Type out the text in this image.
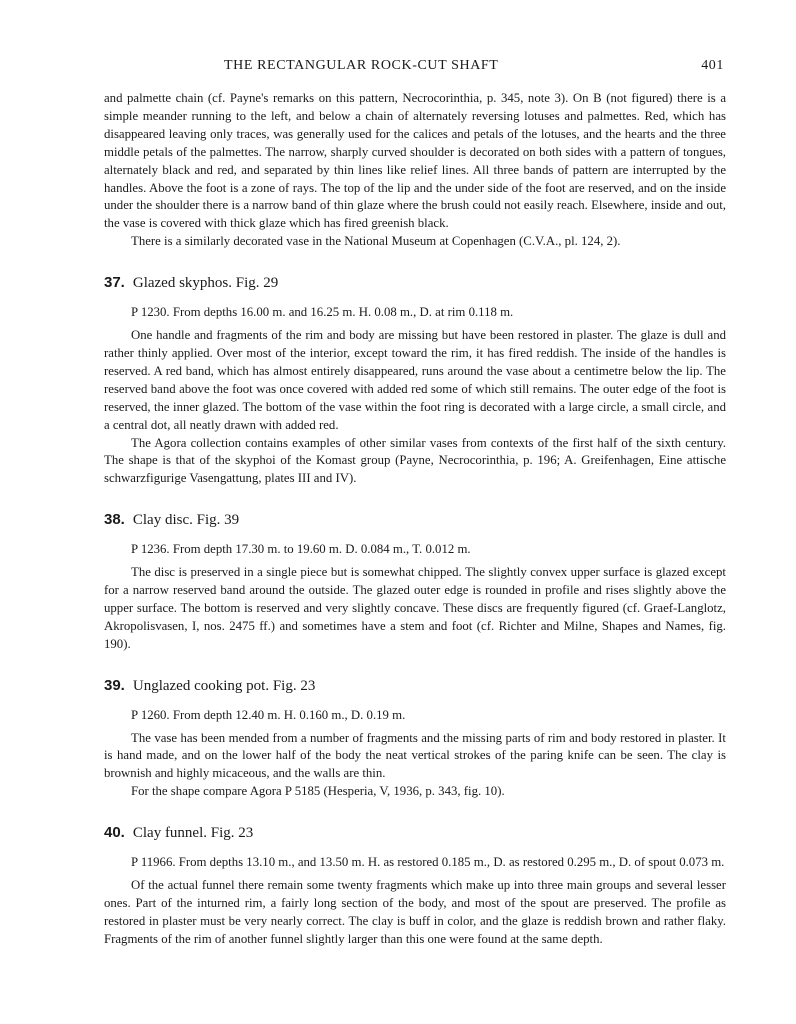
THE RECTANGULAR ROCK-CUT SHAFT	401

and palmette chain (cf. Payne's remarks on this pattern, Necrocorinthia, p. 345, note 3). On B (not figured) there is a simple meander running to the left, and below a chain of alternately reversing lotuses and palmettes. Red, which has disappeared leaving only traces, was generally used for the calices and petals of the lotuses, and the hearts and the three middle petals of the palmettes. The narrow, sharply curved shoulder is decorated on both sides with a pattern of tongues, alternately black and red, and separated by thin lines like relief lines. All three bands of pattern are interrupted by the handles. Above the foot is a zone of rays. The top of the lip and the under side of the foot are reserved, and on the inside under the shoulder there is a narrow band of thin glaze where the brush could not easily reach. Elsewhere, inside and out, the vase is covered with thick glaze which has fired greenish black.

There is a similarly decorated vase in the National Museum at Copenhagen (C.V.A., pl. 124, 2).

37. Glazed skyphos. Fig. 29

P 1230. From depths 16.00 m. and 16.25 m. H. 0.08 m., D. at rim 0.118 m.

One handle and fragments of the rim and body are missing but have been restored in plaster. The glaze is dull and rather thinly applied. Over most of the interior, except toward the rim, it has fired reddish. The inside of the handles is reserved. A red band, which has almost entirely disappeared, runs around the vase about a centimetre below the lip. The reserved band above the foot was once covered with added red some of which still remains. The outer edge of the foot is reserved, the inner glazed. The bottom of the vase within the foot ring is decorated with a large circle, a small circle, and a central dot, all neatly drawn with added red.

The Agora collection contains examples of other similar vases from contexts of the first half of the sixth century. The shape is that of the skyphoi of the Komast group (Payne, Necrocorinthia, p. 196; A. Greifenhagen, Eine attische schwarzfigurige Vasengattung, plates III and IV).

38. Clay disc. Fig. 39

P 1236. From depth 17.30 m. to 19.60 m. D. 0.084 m., T. 0.012 m.

The disc is preserved in a single piece but is somewhat chipped. The slightly convex upper surface is glazed except for a narrow reserved band around the outside. The glazed outer edge is rounded in profile and rises slightly above the upper surface. The bottom is reserved and very slightly concave. These discs are frequently figured (cf. Graef-Langlotz, Akropolisvasen, I, nos. 2475 ff.) and sometimes have a stem and foot (cf. Richter and Milne, Shapes and Names, fig. 190).

39. Unglazed cooking pot. Fig. 23

P 1260. From depth 12.40 m. H. 0.160 m., D. 0.19 m.

The vase has been mended from a number of fragments and the missing parts of rim and body restored in plaster. It is hand made, and on the lower half of the body the neat vertical strokes of the paring knife can be seen. The clay is brownish and highly micaceous, and the walls are thin.

For the shape compare Agora P 5185 (Hesperia, V, 1936, p. 343, fig. 10).

40. Clay funnel. Fig. 23

P 11966. From depths 13.10 m., and 13.50 m. H. as restored 0.185 m., D. as restored 0.295 m., D. of spout 0.073 m.

Of the actual funnel there remain some twenty fragments which make up into three main groups and several lesser ones. Part of the inturned rim, a fairly long section of the body, and most of the spout are preserved. The profile as restored in plaster must be very nearly correct. The clay is buff in color, and the glaze is reddish brown and rather flaky. Fragments of the rim of another funnel slightly larger than this one were found at the same depth.
